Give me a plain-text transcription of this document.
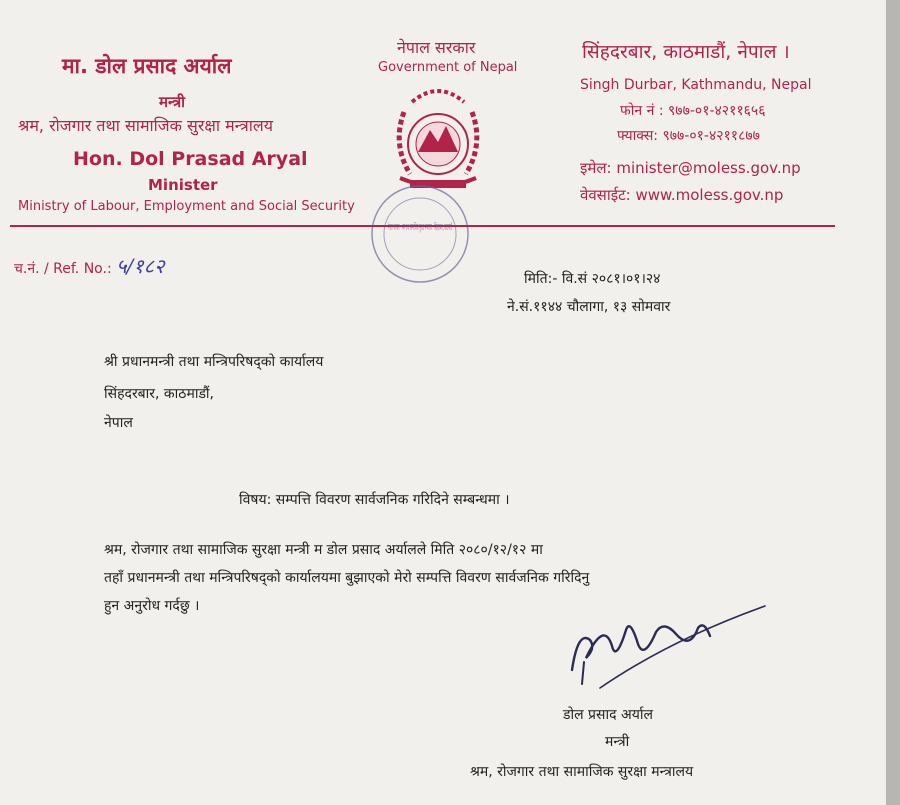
मा. डोल प्रसाद अर्याल
मन्त्री
श्रम, रोजगार तथा सामाजिक सुरक्षा मन्त्रालय
Hon. Dol Prasad Aryal
Minister
Ministry of Labour, Employment and Social Security
नेपाल सरकार
Government of Nepal
नेपाल सरकार · श्रम तथा सामाजिक सुरक्षा मन्त्रालय · सिंहदरबार, काठमाडौं
सिंहदरबार, काठमाडौं, नेपाल ।
Singh Durbar, Kathmandu, Nepal
फोन नं : ९७७-०१-४२११६५६
फ्याक्स: ९७७-०१-४२११८७७
इमेल: minister@moless.gov.np
वेवसाईट: www.moless.gov.np
च.नं. / Ref. No.: ५/१८२
मिति:- वि.सं २०८१।०१।२४
ने.सं.११४४ चौलागा, १३ सोमवार
श्री प्रधानमन्त्री तथा मन्त्रिपरिषद्को कार्यालय
सिंहदरबार, काठमाडौं,
नेपाल
विषय: सम्पत्ति विवरण सार्वजनिक गरिदिने सम्बन्धमा ।
श्रम, रोजगार तथा सामाजिक सुरक्षा मन्त्री म डोल प्रसाद अर्यालले मिति २०८०/१२/१२ मा
तहाँ प्रधानमन्त्री तथा मन्त्रिपरिषद्को कार्यालयमा बुझाएको मेरो सम्पत्ति विवरण सार्वजनिक गरिदिनु
हुन अनुरोध गर्दछु ।
डोल प्रसाद अर्याल
मन्त्री
श्रम, रोजगार तथा सामाजिक सुरक्षा मन्त्रालय
